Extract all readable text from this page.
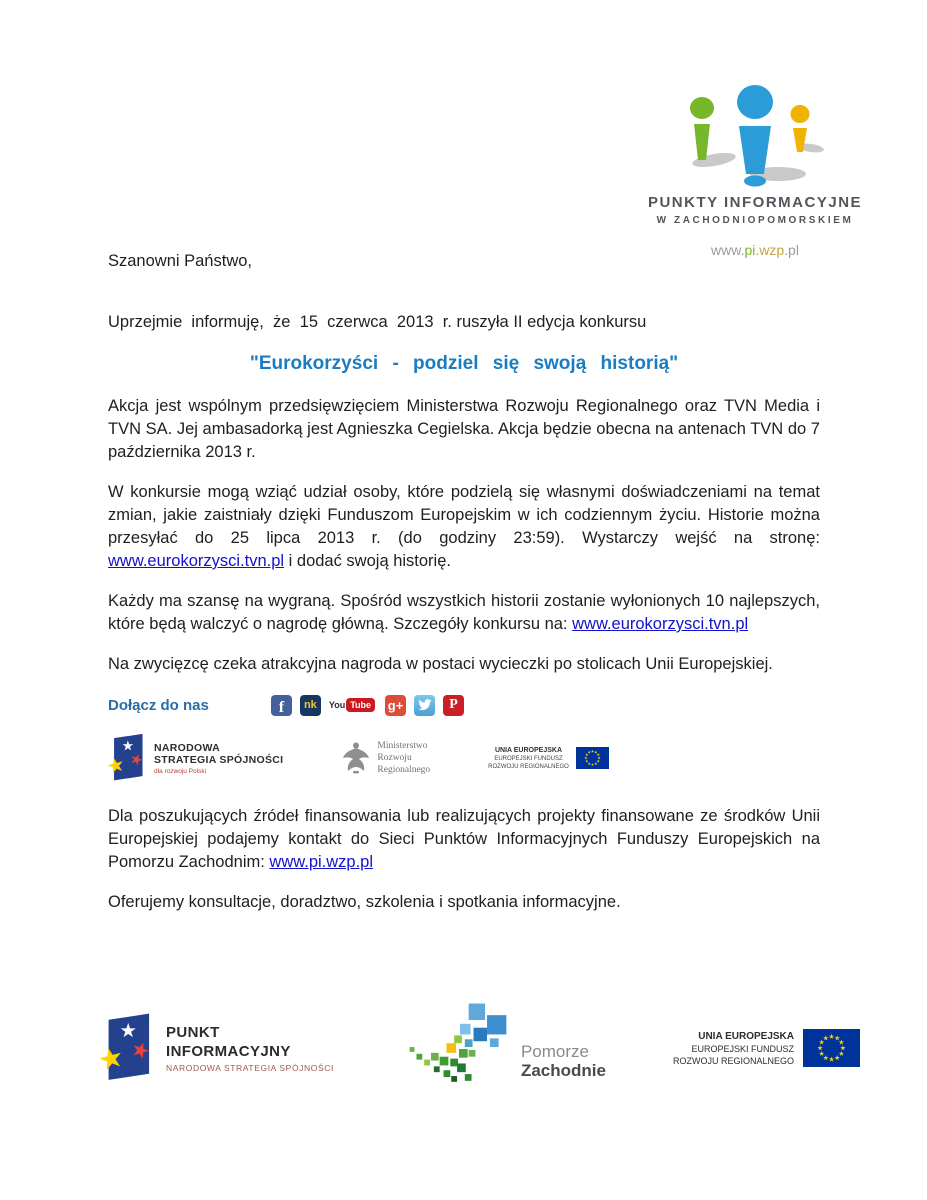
PUNKTY INFORMACYJNE
W ZACHODNIOPOMORSKIEM
www.pi.wzp.pl

Szanowni Państwo,

Uprzejmie  informuję,  że  15  czerwca  2013  r. ruszyła II edycja konkursu

"Eurokorzyści - podziel się swoją historią"

Akcja jest wspólnym przedsięwzięciem Ministerstwa Rozwoju Regionalnego oraz TVN Media i TVN SA. Jej ambasadorką jest Agnieszka Cegielska. Akcja będzie obecna na antenach TVN do 7 października 2013 r.

W konkursie mogą wziąć udział osoby, które podzielą się własnymi doświadczeniami na temat zmian, jakie zaistniały dzięki Funduszom Europejskim w ich codziennym życiu. Historie można przesyłać do 25 lipca 2013 r. (do godziny 23:59). Wystarczy wejść na stronę: www.eurokorzysci.tvn.pl i dodać swoją historię.

Każdy ma szansę na wygraną. Spośród wszystkich historii zostanie wyłonionych 10 najlepszych, które będą walczyć o nagrodę główną. Szczegóły konkursu na: www.eurokorzysci.tvn.pl

Na zwycięzcę czeka atrakcyjna nagroda w postaci wycieczki po stolicach Unii Europejskiej.

Dołącz do nas	f nk You Tube	g+	P
NARODOWA
STRATEGIA SPÓJNOŚCI
dla rozwoju Polski
Ministerstwo
Rozwoju
Regionalnego
UNIA EUROPEJSKA
EUROPEJSKI FUNDUSZ
ROZWOJU REGIONALNEGO

Dla poszukujących źródeł finansowania lub realizujących projekty finansowane ze środków Unii Europejskiej podajemy kontakt do Sieci Punktów Informacyjnych Funduszy Europejskich na Pomorzu Zachodnim: www.pi.wzp.pl

Oferujemy konsultacje, doradztwo, szkolenia i spotkania informacyjne.

PUNKT
INFORMACYJNY
NARODOWA STRATEGIA SPÓJNOŚCI
Pomorze
Zachodnie
UNIA EUROPEJSKA
EUROPEJSKI FUNDUSZ
ROZWOJU REGIONALNEGO
